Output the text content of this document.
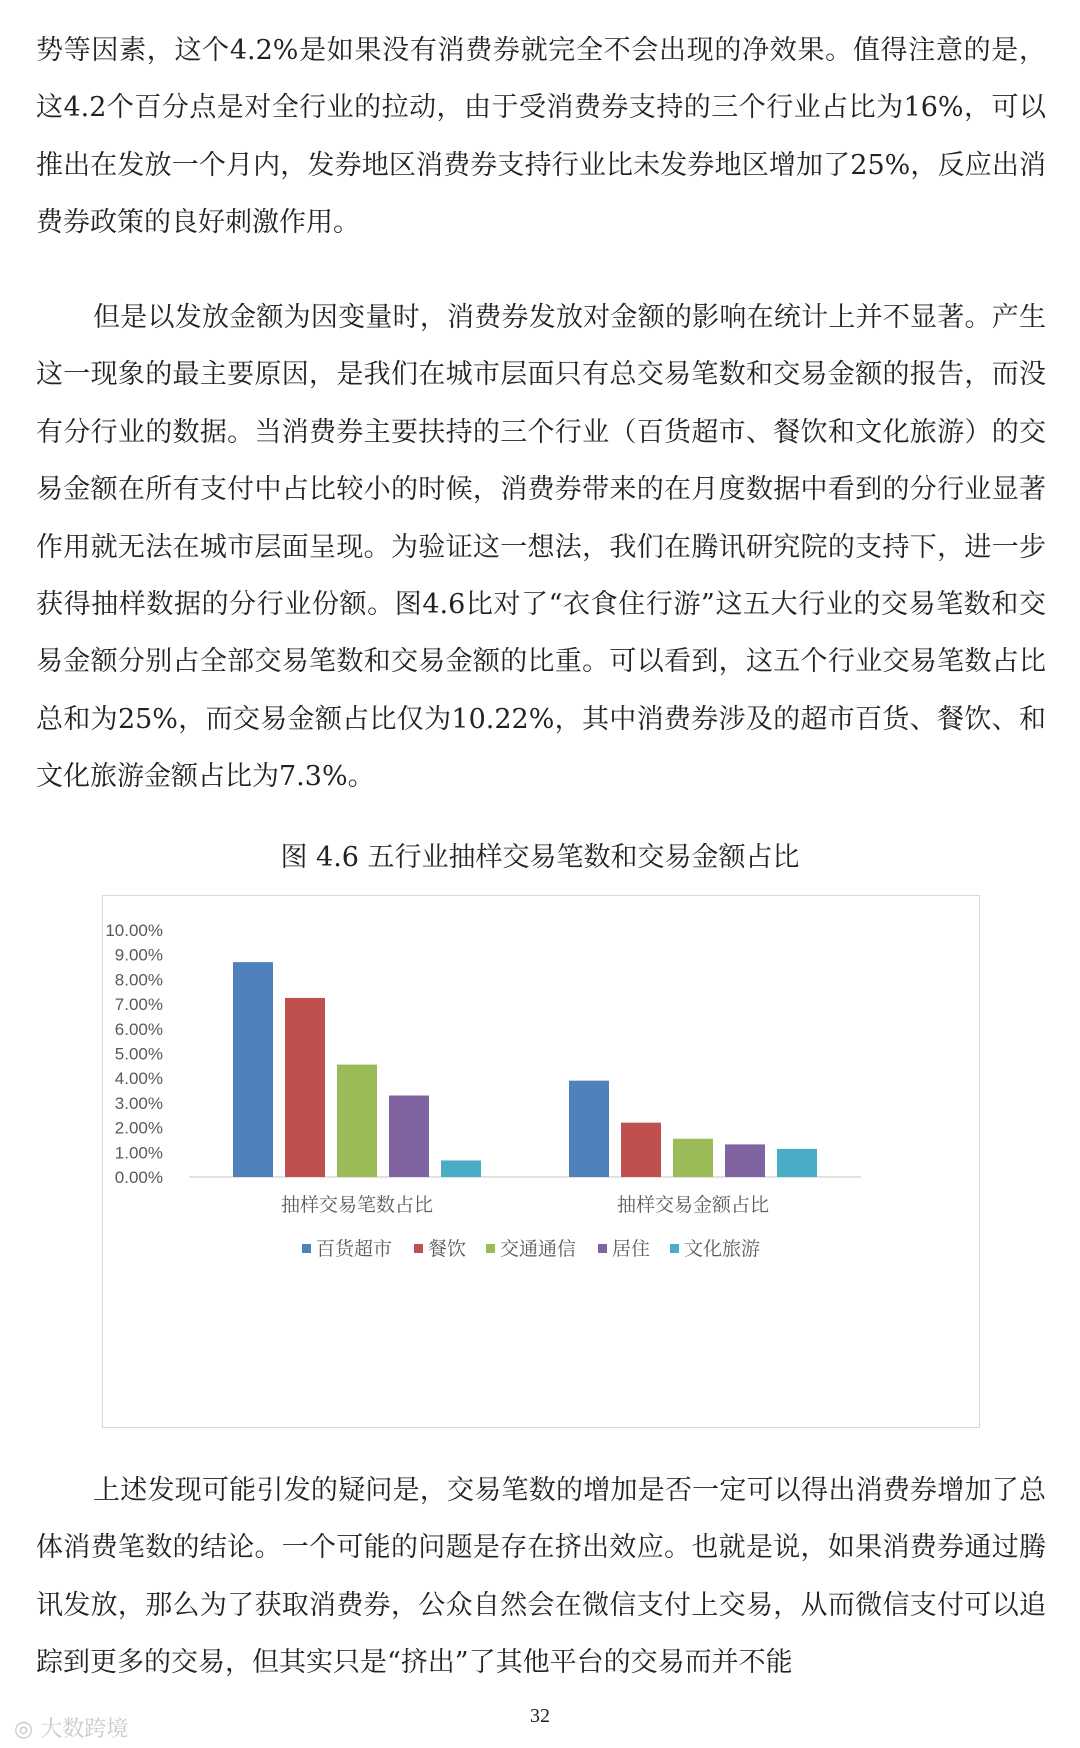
势等因素，这个4.2%是如果没有消费券就完全不会出现的净效果。值得注意的是，这4.2个百分点是对全行业的拉动，由于受消费券支持的三个行业占比为16%，可以推出在发放一个月内，发券地区消费券支持行业比未发券地区增加了25%，反应出消费券政策的良好刺激作用。

但是以发放金额为因变量时，消费券发放对金额的影响在统计上并不显著。产生这一现象的最主要原因，是我们在城市层面只有总交易笔数和交易金额的报告，而没有分行业的数据。当消费券主要扶持的三个行业（百货超市、餐饮和文化旅游）的交易金额在所有支付中占比较小的时候，消费券带来的在月度数据中看到的分行业显著作用就无法在城市层面呈现。为验证这一想法，我们在腾讯研究院的支持下，进一步获得抽样数据的分行业份额。图4.6比对了“衣食住行游”这五大行业的交易笔数和交易金额分别占全部交易笔数和交易金额的比重。可以看到，这五个行业交易笔数占比总和为25%，而交易金额占比仅为10.22%，其中消费券涉及的超市百货、餐饮、和文化旅游金额占比为7.3%。

图 4.6 五行业抽样交易笔数和交易金额占比
0.00%
1.00%
2.00%
3.00%
4.00%
5.00%
6.00%
7.00%
8.00%
9.00%
10.00%
抽样交易笔数占比	抽样交易金额占比
百货超市 餐饮 交通通信 居住 文化旅游

上述发现可能引发的疑问是，交易笔数的增加是否一定可以得出消费券增加了总体消费笔数的结论。一个可能的问题是存在挤出效应。也就是说，如果消费券通过腾讯发放，那么为了获取消费券，公众自然会在微信支付上交易，从而微信支付可以追踪到更多的交易，但其实只是“挤出”了其他平台的交易而并不能

32
◎ 大数跨境
